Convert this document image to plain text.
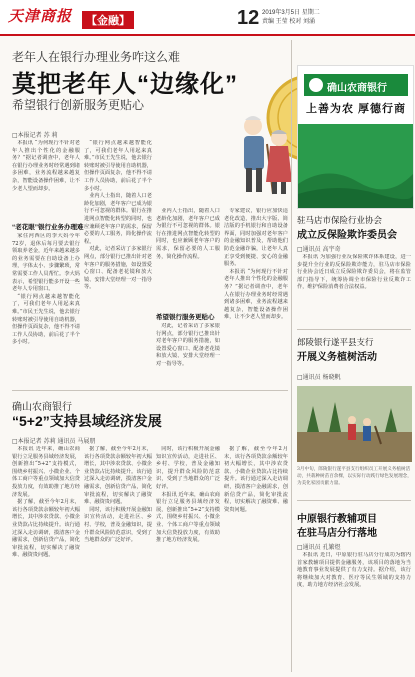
天津商报	【金融】	12 2019年3月5日 星期二
责编 王莹 校对 刘涌
老年人在银行办理业务咋这么难
莫把老年人“边缘化”
希望银行创新服务更贴心
□本报记者 苏 莉

本报讯 “为何现行不针对老年人推出个性化的金融服务？”据记者调查中，老年人在银行办理业务时经常遇到诸多困难，业务流程越来越复杂，智能设备操作困难，让不少老人望而却步。

“老花眼”银行业务办理难

家住河西区的李大妈今年72岁，退休后每月要去银行领取养老金，近年来越来越多的业务需要在自助设备上办理，字体太小、步骤繁琐，常常需要工作人员帮忙。李大妈表示，希望银行能多开设一些老年人专用窗口。

“银行网点越来越智能化了，可我们老年人用起来真难。”市民王先生说，他去银行转账时被引导使用自助机器，但操作页面复杂，他不得不请工作人员协助，前后花了半个多小时。

“银行网点越来越智能化了，可我们老年人用起来真难。”市民王先生说，他去银行转账时被引导使用自助机器，但操作页面复杂，他不得不请工作人员协助，前后花了半个多小时。

业内人士指出，随着人口老龄化加剧，老年客户已成为银行不可忽视的群体。银行在推进网点智能化转型的同时，也应兼顾老年客户的需求，保留必要的人工服务，简化操作流程。

对此，记者采访了多家银行网点，部分银行已推出针对老年客户的服务措施，如设置爱心窗口、配备老花镜和放大镜、安排大堂经理一对一指导等。

业内人士指出，随着人口老龄化加剧，老年客户已成为银行不可忽视的群体。银行在推进网点智能化转型的同时，也应兼顾老年客户的需求，保留必要的人工服务，简化操作流程。

希望银行服务更贴心

对此，记者采访了多家银行网点，部分银行已推出针对老年客户的服务措施，如设置爱心窗口、配备老花镜和放大镜、安排大堂经理一对一指导等。

专家建议，银行应加快适老化改造，推出大字版、简洁版的手机银行和自助设备界面，同时加强对老年客户的金融知识普及，帮助他们防范金融诈骗，让老年人真正享受到便捷、安心的金融服务。

本报讯 “为何现行不针对老年人推出个性化的金融服务？”据记者调查中，老年人在银行办理业务时经常遇到诸多困难，业务流程越来越复杂，智能设备操作困难，让不少老人望而却步。

确山农商银行
“5+2”支持县域经济发展
□本报记者 苏莉 通讯员 马展朋

本报讯 近年来，确山农商银行立足服务县域经济发展，创新推出“5+2”支持模式，围绕乡村振兴、小微企业、个体工商户等重点领域加大信贷投放力度，有效助推了地方经济发展。

据了解，截至今年2月末，该行各项贷款余额较年初大幅增长，其中涉农贷款、小微企业贷款占比持续提升。该行通过深入走访调研，摸清客户金融需求，创新信贷产品，简化审批流程，切实解决了融资难、融资贵问题。

据了解，截至今年2月末，该行各项贷款余额较年初大幅增长，其中涉农贷款、小微企业贷款占比持续提升。该行通过深入走访调研，摸清客户金融需求，创新信贷产品，简化审批流程，切实解决了融资难、融资贵问题。

同时，该行积极开展金融知识宣传活动，走进社区、乡村、学校，普及金融知识，提升群众风险防范意识，受到了当地群众的广泛好评。

同时，该行积极开展金融知识宣传活动，走进社区、乡村、学校，普及金融知识，提升群众风险防范意识，受到了当地群众的广泛好评。

本报讯 近年来，确山农商银行立足服务县域经济发展，创新推出“5+2”支持模式，围绕乡村振兴、小微企业、个体工商户等重点领域加大信贷投放力度，有效助推了地方经济发展。

据了解，截至今年2月末，该行各项贷款余额较年初大幅增长，其中涉农贷款、小微企业贷款占比持续提升。该行通过深入走访调研，摸清客户金融需求，创新信贷产品，简化审批流程，切实解决了融资难、融资贵问题。

确山农商银行
上善为农 厚德行商
驻马店市保险行业协会
成立反保险欺诈委员会
□通讯员 高宇奇

本报讯 为加强行业反保险欺诈体系建设，进一步提升全行业的反保险欺诈能力，驻马店市保险行业协会近日成立反保险欺诈委员会，将在监管部门指导下，统筹协调全市保险行业反欺诈工作，维护保险消费者合法权益。

郎陵银行遂平县支行
开展义务植树活动
□通讯员 杨晓帆
3月中旬，郎陵银行遂平县支行组织员工开展义务植树活动，共栽种树苗百余棵，以实际行动践行绿色发展理念，为美化家园贡献力量。
中原银行教辅项目
在驻马店分行落地
□通讯员 孔繁煜

本报讯 近日，中原银行驻马店分行成功为辖内首家教辅项目提供金融服务，该项目的落地为当地教育事业发展提供了有力支持。据介绍，该行将继续加大对教育、医疗等民生领域的支持力度，助力地方经济社会发展。
